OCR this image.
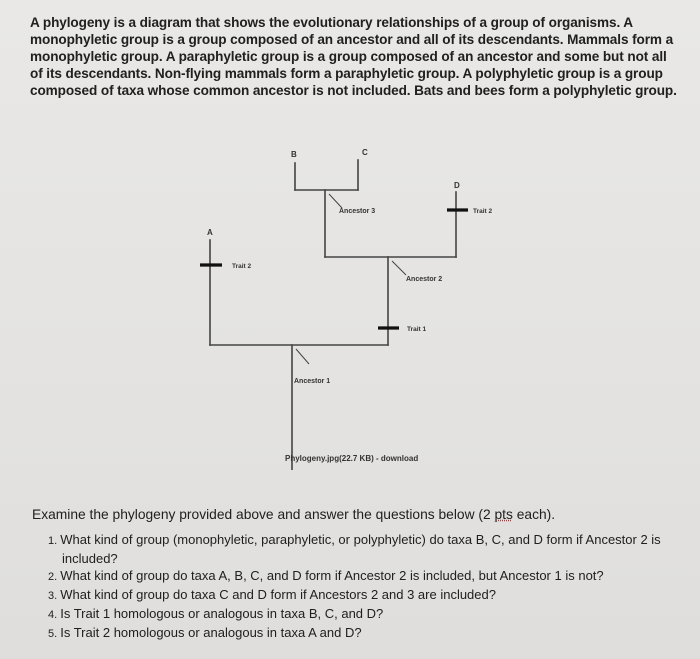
A phylogeny is a diagram that shows the evolutionary relationships of a group of organisms. A monophyletic group is a group composed of an ancestor and all of its descendants. Mammals form a monophyletic group. A paraphyletic group is a group composed of an ancestor and some but not all of its descendants. Non-flying mammals form a paraphyletic group. A polyphyletic group is a group composed of taxa whose common ancestor is not included. Bats and bees form a polyphyletic group.
A
B	C
D
Ancestor 3
Ancestor 2
Ancestor 1
Trait 2
Trait 2
Trait 1
Phylogeny.jpg(22.7 KB) - download
Examine the phylogeny provided above and answer the questions below (2 pts each).
1. What kind of group (monophyletic, paraphyletic, or polyphyletic) do taxa B, C, and D form if Ancestor 2 is included?
2. What kind of group do taxa A, B, C, and D form if Ancestor 2 is included, but Ancestor 1 is not?
3. What kind of group do taxa C and D form if Ancestors 2 and 3 are included?
4. Is Trait 1 homologous or analogous in taxa B, C, and D?
5. Is Trait 2 homologous or analogous in taxa A and D?
